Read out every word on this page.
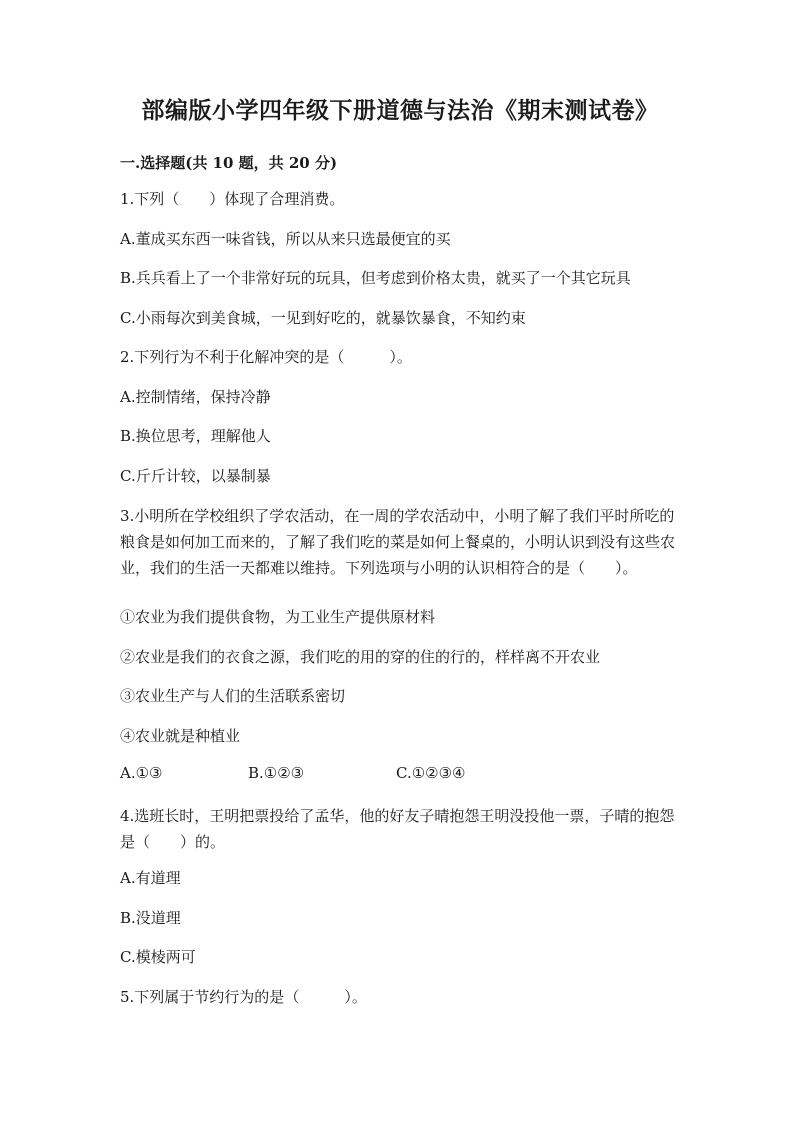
部编版小学四年级下册道德与法治《期末测试卷》
一.选择题(共 10 题，共 20 分)
1.下列（　　）体现了合理消费。
A.董成买东西一味省钱，所以从来只选最便宜的买
B.兵兵看上了一个非常好玩的玩具，但考虑到价格太贵，就买了一个其它玩具
C.小雨每次到美食城，一见到好吃的，就暴饮暴食，不知约束
2.下列行为不利于化解冲突的是（　　　）。
A.控制情绪，保持冷静
B.换位思考，理解他人
C.斤斤计较，以暴制暴
3.小明所在学校组织了学农活动，在一周的学农活动中，小明了解了我们平时所吃的粮食是如何加工而来的，了解了我们吃的菜是如何上餐桌的，小明认识到没有这些农业，我们的生活一天都难以维持。下列选项与小明的认识相符合的是（　　）。
①农业为我们提供食物，为工业生产提供原材料
②农业是我们的衣食之源，我们吃的用的穿的住的行的，样样离不开农业
③农业生产与人们的生活联系密切
④农业就是种植业
A.①③	B.①②③	C.①②③④
4.选班长时，王明把票投给了孟华，他的好友子晴抱怨王明没投他一票，子晴的抱怨是（　　）的。
A.有道理
B.没道理
C.模棱两可
5.下列属于节约行为的是（　　　）。
